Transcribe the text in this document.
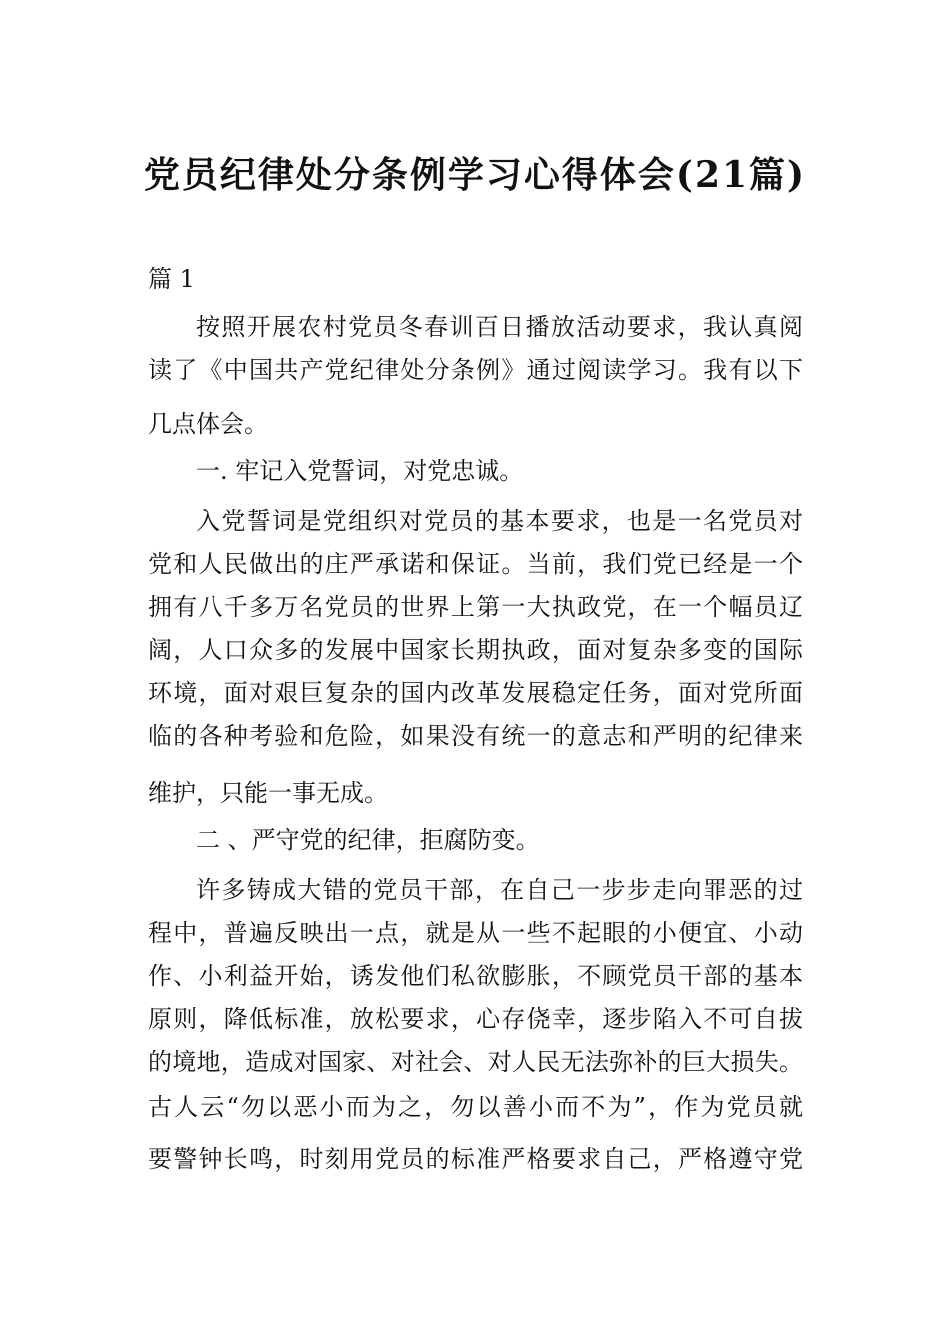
党员纪律处分条例学习心得体会(21篇)
篇 1
按照开展农村党员冬春训百日播放活动要求，我认真阅
读了《中国共产党纪律处分条例》通过阅读学习。我有以下
几点体会。
一. 牢记入党誓词，对党忠诚。
入党誓词是党组织对党员的基本要求，也是一名党员对
党和人民做出的庄严承诺和保证。当前，我们党已经是一个
拥有八千多万名党员的世界上第一大执政党，在一个幅员辽
阔，人口众多的发展中国家长期执政，面对复杂多变的国际
环境，面对艰巨复杂的国内改革发展稳定任务，面对党所面
临的各种考验和危险，如果没有统一的意志和严明的纪律来
维护，只能一事无成。
二 、严守党的纪律，拒腐防变。
许多铸成大错的党员干部，在自己一步步走向罪恶的过
程中，普遍反映出一点，就是从一些不起眼的小便宜、小动
作、小利益开始，诱发他们私欲膨胀，不顾党员干部的基本
原则，降低标准，放松要求，心存侥幸，逐步陷入不可自拔
的境地，造成对国家、对社会、对人民无法弥补的巨大损失。
古人云“勿以恶小而为之，勿以善小而不为”，作为党员就
要警钟长鸣，时刻用党员的标准严格要求自己，严格遵守党
